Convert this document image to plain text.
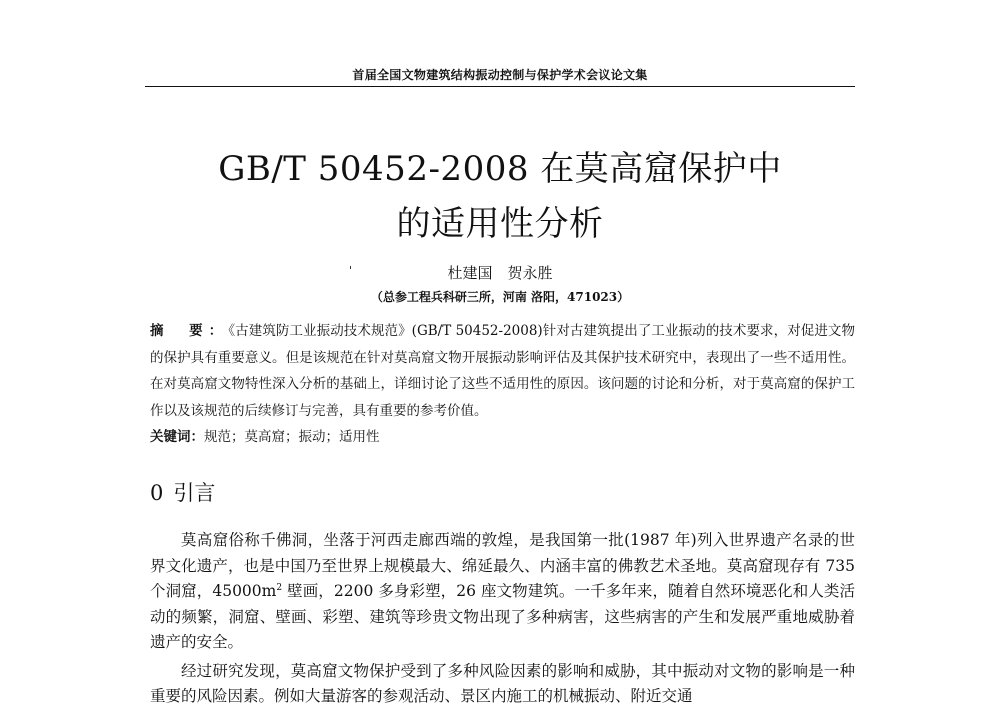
首届全国文物建筑结构振动控制与保护学术会议论文集
GB/T 50452-2008 在莫高窟保护中
的适用性分析
'	杜建国　贺永胜
（总参工程兵科研三所，河南 洛阳，471023）
摘　要：《古建筑防工业振动技术规范》(GB/T 50452-2008)针对古建筑提出了工业振动的技术要求，对促进文物的保护具有重要意义。但是该规范在针对莫高窟文物开展振动影响评估及其保护技术研究中，表现出了一些不适用性。在对莫高窟文物特性深入分析的基础上，详细讨论了这些不适用性的原因。该问题的讨论和分析，对于莫高窟的保护工作以及该规范的后续修订与完善，具有重要的参考价值。
关键词：规范；莫高窟；振动；适用性
0 引言

莫高窟俗称千佛洞，坐落于河西走廊西端的敦煌，是我国第一批(1987 年)列入世界遗产名录的世界文化遗产，也是中国乃至世界上规模最大、绵延最久、内涵丰富的佛教艺术圣地。莫高窟现存有 735 个洞窟，$45000m^2$ 壁画，2200 多身彩塑，26 座文物建筑。一千多年来，随着自然环境恶化和人类活动的频繁，洞窟、壁画、彩塑、建筑等珍贵文物出现了多种病害，这些病害的产生和发展严重地威胁着遗产的安全。

经过研究发现，莫高窟文物保护受到了多种风险因素的影响和威胁，其中振动对文物的影响是一种重要的风险因素。例如大量游客的参观活动、景区内施工的机械振动、附近交通
